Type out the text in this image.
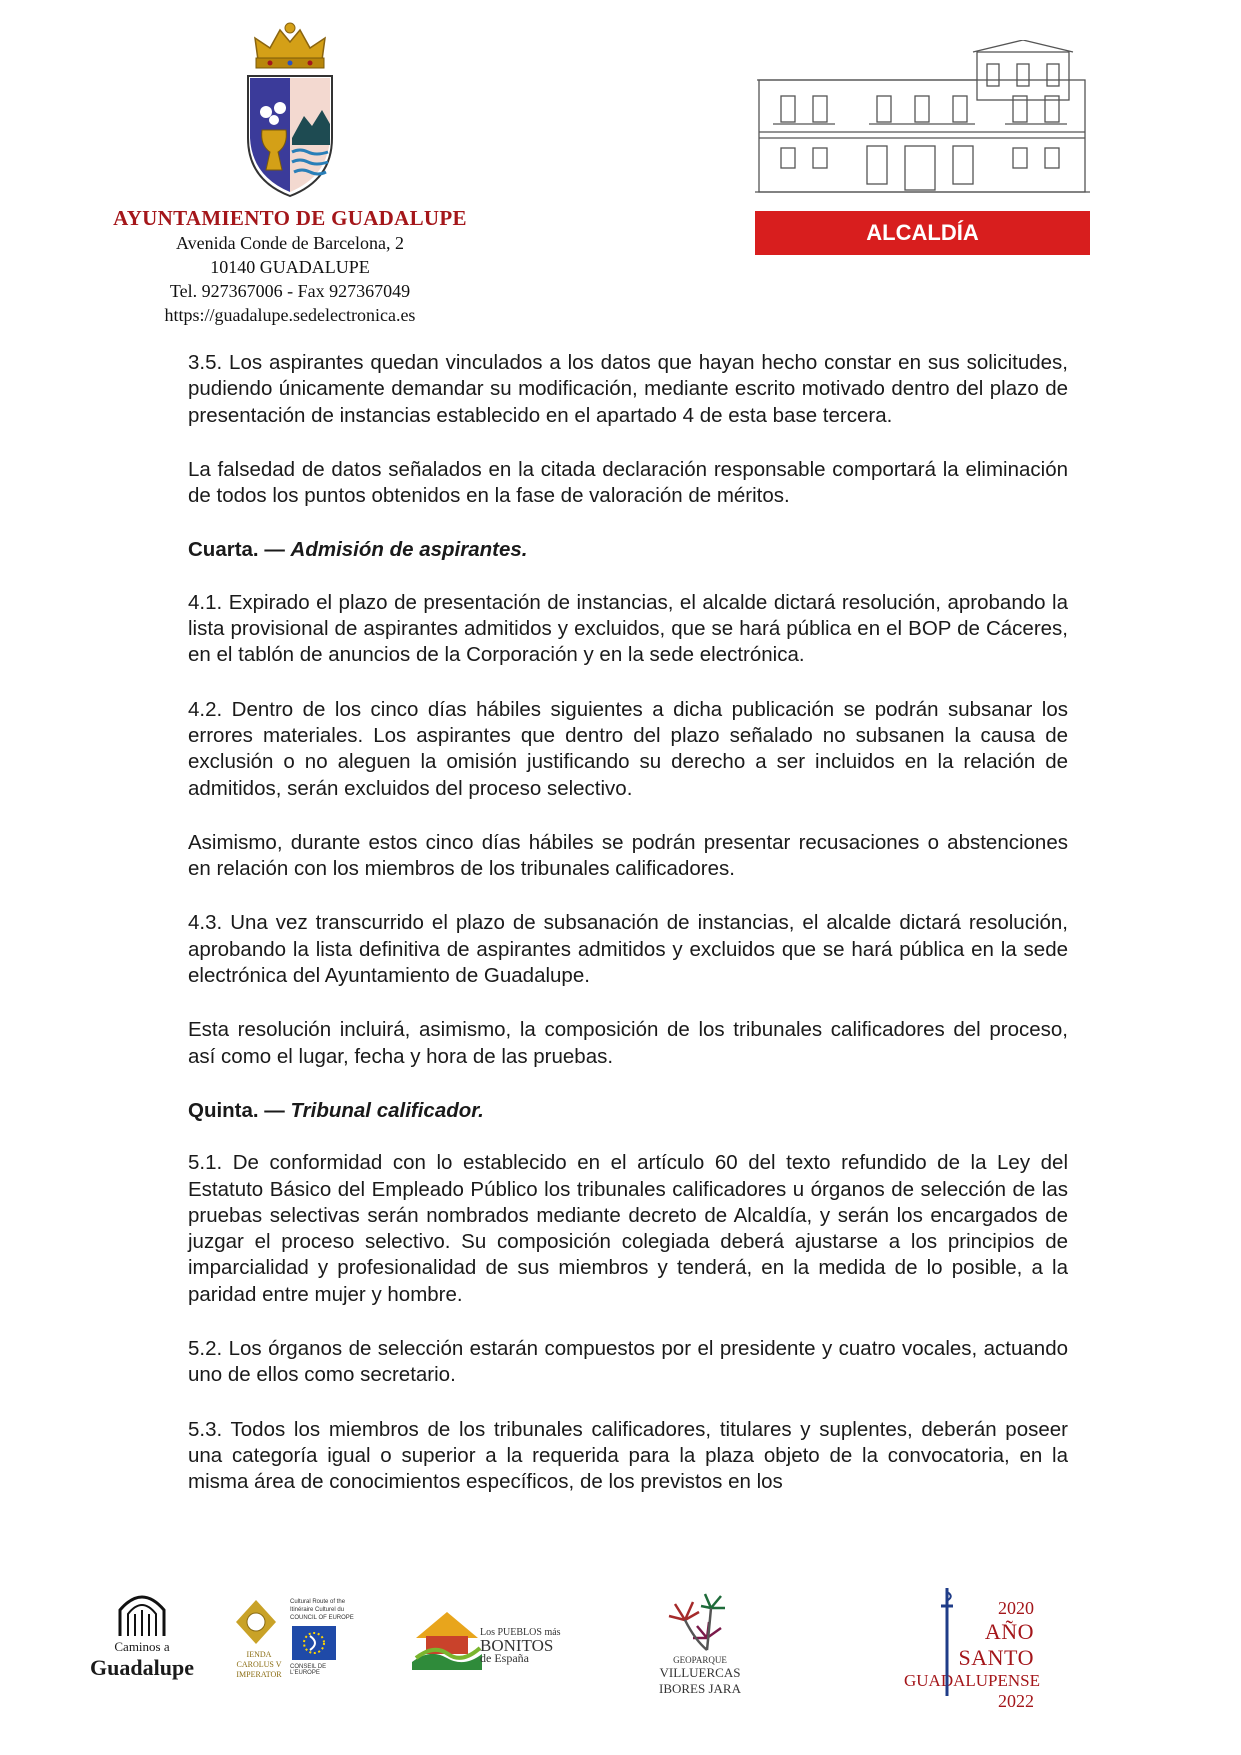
AYUNTAMIENTO DE GUADALUPE
Avenida Conde de Barcelona, 2
10140 GUADALUPE
Tel. 927367006 - Fax 927367049
https://guadalupe.sedelectronica.es
ALCALDÍA

3.5. Los aspirantes quedan vinculados a los datos que hayan hecho constar en sus solicitudes, pudiendo únicamente demandar su modificación, mediante escrito motivado dentro del plazo de presentación de instancias establecido en el apartado 4 de esta base tercera.

La falsedad de datos señalados en la citada declaración responsable comportará la eliminación de todos los puntos obtenidos en la fase de valoración de méritos.

Cuarta. — Admisión de aspirantes.

4.1. Expirado el plazo de presentación de instancias, el alcalde dictará resolución, aprobando la lista provisional de aspirantes admitidos y excluidos, que se hará pública en el BOP de Cáceres, en el tablón de anuncios de la Corporación y en la sede electrónica.

4.2. Dentro de los cinco días hábiles siguientes a dicha publicación se podrán subsanar los errores materiales. Los aspirantes que dentro del plazo señalado no subsanen la causa de exclusión o no aleguen la omisión justificando su derecho a ser incluidos en la relación de admitidos, serán excluidos del proceso selectivo.

Asimismo, durante estos cinco días hábiles se podrán presentar recusaciones o abstenciones en relación con los miembros de los tribunales calificadores.

4.3. Una vez transcurrido el plazo de subsanación de instancias, el alcalde dictará resolución, aprobando la lista definitiva de aspirantes admitidos y excluidos que se hará pública en la sede electrónica del Ayuntamiento de Guadalupe.

Esta resolución incluirá, asimismo, la composición de los tribunales calificadores del proceso, así como el lugar, fecha y hora de las pruebas.

Quinta. — Tribunal calificador.

5.1. De conformidad con lo establecido en el artículo 60 del texto refundido de la Ley del Estatuto Básico del Empleado Público los tribunales calificadores u órganos de selección de las pruebas selectivas serán nombrados mediante decreto de Alcaldía, y serán los encargados de juzgar el proceso selectivo. Su composición colegiada deberá ajustarse a los principios de imparcialidad y profesionalidad de sus miembros y tenderá, en la medida de lo posible, a la paridad entre mujer y hombre.

5.2. Los órganos de selección estarán compuestos por el presidente y cuatro vocales, actuando uno de ellos como secretario.

5.3. Todos los miembros de los tribunales calificadores, titulares y suplentes, deberán poseer una categoría igual o superior a la requerida para la plaza objeto de la convocatoria, en la misma área de conocimientos específicos, de los previstos en los

Caminos a
Guadalupe
IENDA
CAROLUS V
IMPERATOR
Cultural Route of the
Itinéraire Culturel du
COUNCIL OF EUROPE
CONSEIL DE L'EUROPE
Los PUEBLOS más
BONITOS
de España	GEOPARQUE
VILLUERCAS
IBORES JARA
2020
AÑO SANTO
GUADALUPENSE
2022
